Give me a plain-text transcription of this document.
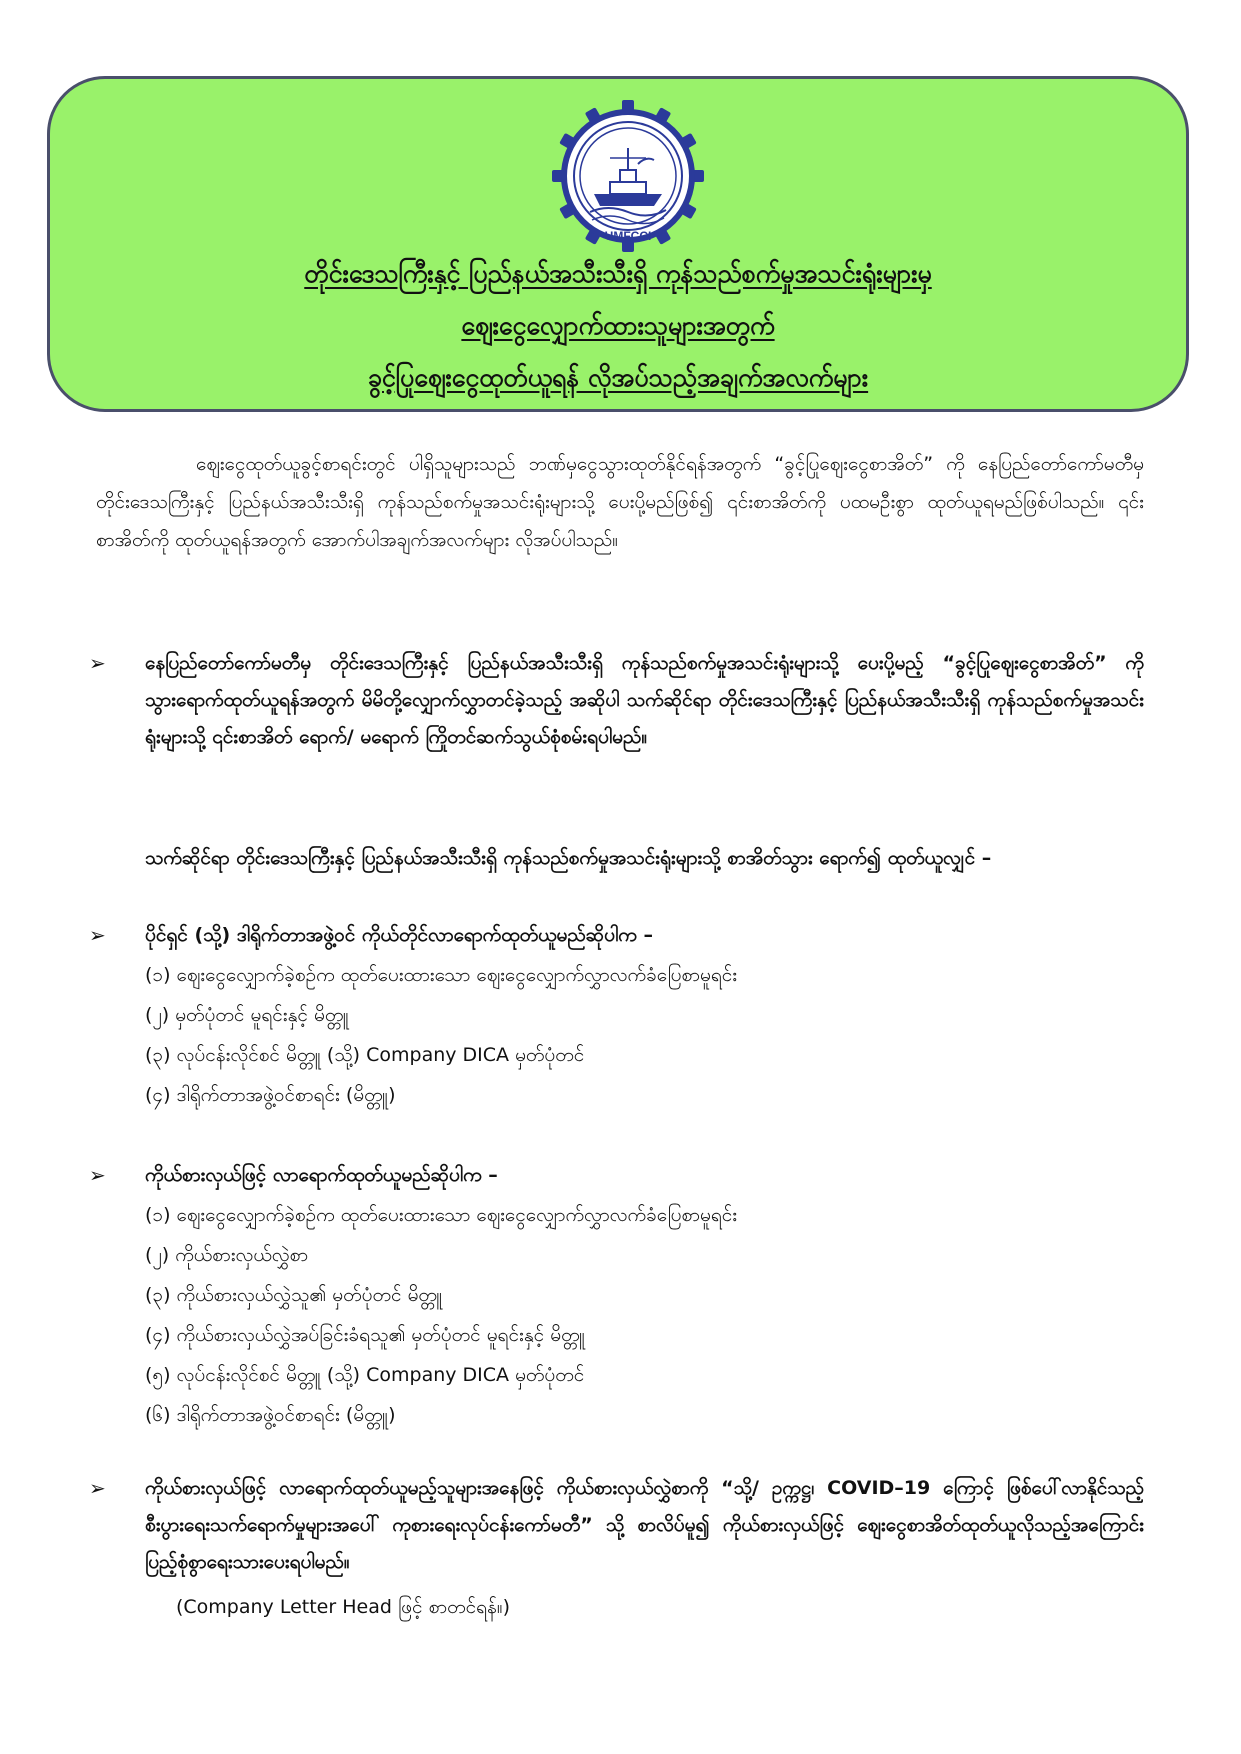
UMFCCI
တိုင်းဒေသကြီးနှင့် ပြည်နယ်အသီးသီးရှိ ကုန်သည်စက်မှုအသင်းရုံးများမှ
ဈေးငွေလျှောက်ထားသူများအတွက်
ခွင့်ပြုဈေးငွေထုတ်ယူရန် လိုအပ်သည့်အချက်အလက်များ
ဈေးငွေထုတ်ယူခွင့်စာရင်းတွင် ပါရှိသူများသည် ဘဏ်မှငွေသွားထုတ်နိုင်ရန်အတွက် “ခွင့်ပြုဈေးငွေစာအိတ်” ကို နေပြည်တော်ကော်မတီမှ တိုင်းဒေသကြီးနှင့် ပြည်နယ်အသီးသီးရှိ ကုန်သည်စက်မှုအသင်းရုံးများသို့ ပေးပို့မည်ဖြစ်၍ ၎င်းစာအိတ်ကို ပထမဦးစွာ ထုတ်ယူရမည်ဖြစ်ပါသည်။ ၎င်းစာအိတ်ကို ထုတ်ယူရန်အတွက် အောက်ပါအချက်အလက်များ လိုအပ်ပါသည်။
➢ နေပြည်တော်ကော်မတီမှ တိုင်းဒေသကြီးနှင့် ပြည်နယ်အသီးသီးရှိ ကုန်သည်စက်မှုအသင်းရုံးများသို့ ပေးပို့မည့် “ခွင့်ပြုဈေးငွေစာအိတ်” ကို သွားရောက်ထုတ်ယူရန်အတွက် မိမိတို့လျှောက်လွှာတင်ခဲ့သည့် အဆိုပါ သက်ဆိုင်ရာ တိုင်းဒေသကြီးနှင့် ပြည်နယ်အသီးသီးရှိ ကုန်သည်စက်မှုအသင်းရုံးများသို့ ၎င်းစာအိတ် ရောက်/ မရောက် ကြိုတင်ဆက်သွယ်စုံစမ်းရပါမည်။
သက်ဆိုင်ရာ တိုင်းဒေသကြီးနှင့် ပြည်နယ်အသီးသီးရှိ ကုန်သည်စက်မှုအသင်းရုံးများသို့ စာအိတ်သွား ရောက်၍ ထုတ်ယူလျှင် –
➢ ပိုင်ရှင် (သို့) ဒါရိုက်တာအဖွဲ့ဝင် ကိုယ်တိုင်လာရောက်ထုတ်ယူမည်ဆိုပါက –
(၁) ဈေးငွေလျှောက်ခဲ့စဉ်က ထုတ်ပေးထားသော ဈေးငွေလျှောက်လွှာလက်ခံပြေစာမူရင်း
(၂) မှတ်ပုံတင် မူရင်းနှင့် မိတ္တူ
(၃) လုပ်ငန်းလိုင်စင် မိတ္တူ (သို့) Company DICA မှတ်ပုံတင်
(၄) ဒါရိုက်တာအဖွဲ့ဝင်စာရင်း (မိတ္တူ)
➢ ကိုယ်စားလှယ်ဖြင့် လာရောက်ထုတ်ယူမည်ဆိုပါက –
(၁) ဈေးငွေလျှောက်ခဲ့စဉ်က ထုတ်ပေးထားသော ဈေးငွေလျှောက်လွှာလက်ခံပြေစာမူရင်း
(၂) ကိုယ်စားလှယ်လွှဲစာ
(၃) ကိုယ်စားလှယ်လွှဲသူ၏ မှတ်ပုံတင် မိတ္တူ
(၄) ကိုယ်စားလှယ်လွှဲအပ်ခြင်းခံရသူ၏ မှတ်ပုံတင် မူရင်းနှင့် မိတ္တူ
(၅) လုပ်ငန်းလိုင်စင် မိတ္တူ (သို့) Company DICA မှတ်ပုံတင်
(၆) ဒါရိုက်တာအဖွဲ့ဝင်စာရင်း (မိတ္တူ)
➢ ကိုယ်စားလှယ်ဖြင့် လာရောက်ထုတ်ယူမည့်သူများအနေဖြင့် ကိုယ်စားလှယ်လွှဲစာကို “သို့/ ဥက္ကဋ္ဌ၊ COVID–19 ကြောင့် ဖြစ်ပေါ်လာနိုင်သည့် စီးပွားရေးသက်ရောက်မှုများအပေါ် ကုစားရေးလုပ်ငန်းကော်မတီ” သို့ စာလိပ်မူ၍ ကိုယ်စားလှယ်ဖြင့် ဈေးငွေစာအိတ်ထုတ်ယူလိုသည့်အကြောင်း ပြည့်စုံစွာရေးသားပေးရပါမည်။
(Company Letter Head ဖြင့် စာတင်ရန်။)
